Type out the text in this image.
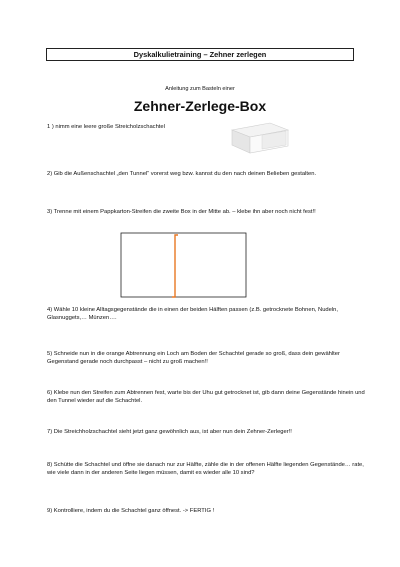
Dyskalkulietraining – Zehner zerlegen
Anleitung zum Basteln einer
Zehner-Zerlege-Box

1 ) nimm eine leere große Streicholzschachtel

2) Gib die Außenschachtel „den Tunnel“ vorerst weg bzw. kannst du den nach deinen Belieben gestalten.

3) Trenne mit einem Pappkarton-Streifen die zweite Box in der Mitte ab. – klebe ihn aber noch nicht fest!!

4) Wähle 10 kleine Alltagsgegenstände die in einen der beiden Hälften passen (z.B. getrocknete Bohnen, Nudeln, Glasnuggets,… Münzen….

5) Schneide nun in die orange Abtrennung ein Loch am Boden der Schachtel gerade so groß, dass dein gewählter Gegenstand gerade noch durchpasst – nicht zu groß machen!!

6) Klebe nun den Streifen zum Abtrennen fest, warte bis der Uhu gut getrocknet ist, gib dann deine Gegenstände hinein und den Tunnel wieder auf die Schachtel.

7) Die Streichholzschachtel sieht jetzt ganz gewöhnlich aus, ist aber nun dein Zehner-Zerleger!!

8) Schütte die Schachtel und öffne sie danach nur zur Hälfte, zähle die in der offenen Hälfte liegenden Gegenstände… rate, wie viele dann in der anderen Seite liegen müssen, damit es wieder alle 10 sind?

9) Kontrolliere, indem du die Schachtel ganz öffnest. -> FERTIG !
